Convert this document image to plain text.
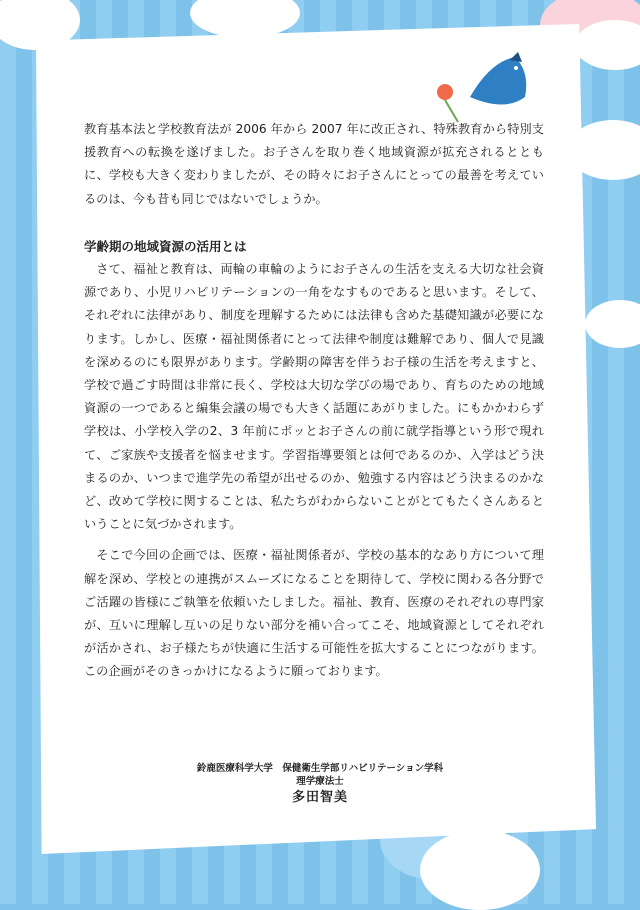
教育基本法と学校教育法が 2006 年から 2007 年に改正され、特殊教育から特別支援教育への転換を遂げました。お子さんを取り巻く地域資源が拡充されるとともに、学校も大きく変わりましたが、その時々にお子さんにとっての最善を考えているのは、今も昔も同じではないでしょうか。

学齢期の地域資源の活用とは

さて、福祉と教育は、両輪の車輪のようにお子さんの生活を支える大切な社会資源であり、小児リハビリテーションの一角をなすものであると思います。そして、それぞれに法律があり、制度を理解するためには法律も含めた基礎知識が必要になります。しかし、医療・福祉関係者にとって法律や制度は難解であり、個人で見識を深めるのにも限界があります。学齢期の障害を伴うお子様の生活を考えますと、学校で過ごす時間は非常に長く、学校は大切な学びの場であり、育ちのための地域資源の一つであると編集会議の場でも大きく話題にあがりました。にもかかわらず学校は、小学校入学の2、3 年前にポッとお子さんの前に就学指導という形で現れて、ご家族や支援者を悩ませます。学習指導要領とは何であるのか、入学はどう決まるのか、いつまで進学先の希望が出せるのか、勉強する内容はどう決まるのかなど、改めて学校に関することは、私たちがわからないことがとてもたくさんあるということに気づかされます。

そこで今回の企画では、医療・福祉関係者が、学校の基本的なあり方について理解を深め、学校との連携がスムーズになることを期待して、学校に関わる各分野でご活躍の皆様にご執筆を依頼いたしました。福祉、教育、医療のそれぞれの専門家が、互いに理解し互いの足りない部分を補い合ってこそ、地域資源としてそれぞれが活かされ、お子様たちが快適に生活する可能性を拡大することにつながります。この企画がそのきっかけになるように願っております。

鈴鹿医療科学大学　保健衛生学部リハビリテーション学科
理学療法士
多田智美
